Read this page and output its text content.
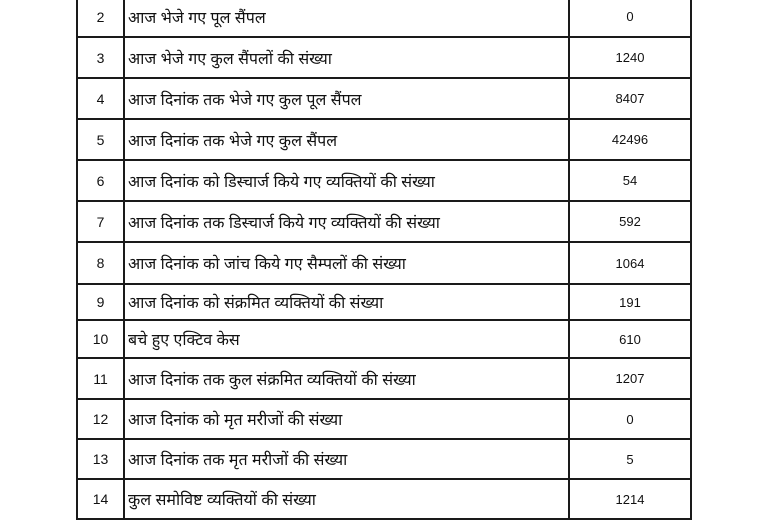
2	आज भेजे गए पूल सैंपल	0
3	आज भेजे गए कुल सैंपलों की संख्या	1240
4	आज दिनांक तक भेजे गए कुल पूल सैंपल	8407
5	आज दिनांक तक भेजे गए कुल सैंपल	42496
6	आज दिनांक को डिस्चार्ज किये गए व्यक्तियों की संख्या	54
7	आज दिनांक तक डिस्चार्ज किये गए व्यक्तियों की संख्या	592
8	आज दिनांक को जांच किये गए सैम्पलों की संख्या	1064
9	आज दिनांक को संक्रमित व्यक्तियों की संख्या	191
10	बचे हुए एक्टिव केस	610
11	आज दिनांक तक कुल संक्रमित व्यक्तियों की संख्या	1207
12	आज दिनांक को मृत मरीजों की संख्या	0
13	आज दिनांक तक मृत मरीजों की संख्या	5
14	कुल समोविष्ट व्यक्तियों की संख्या	1214
